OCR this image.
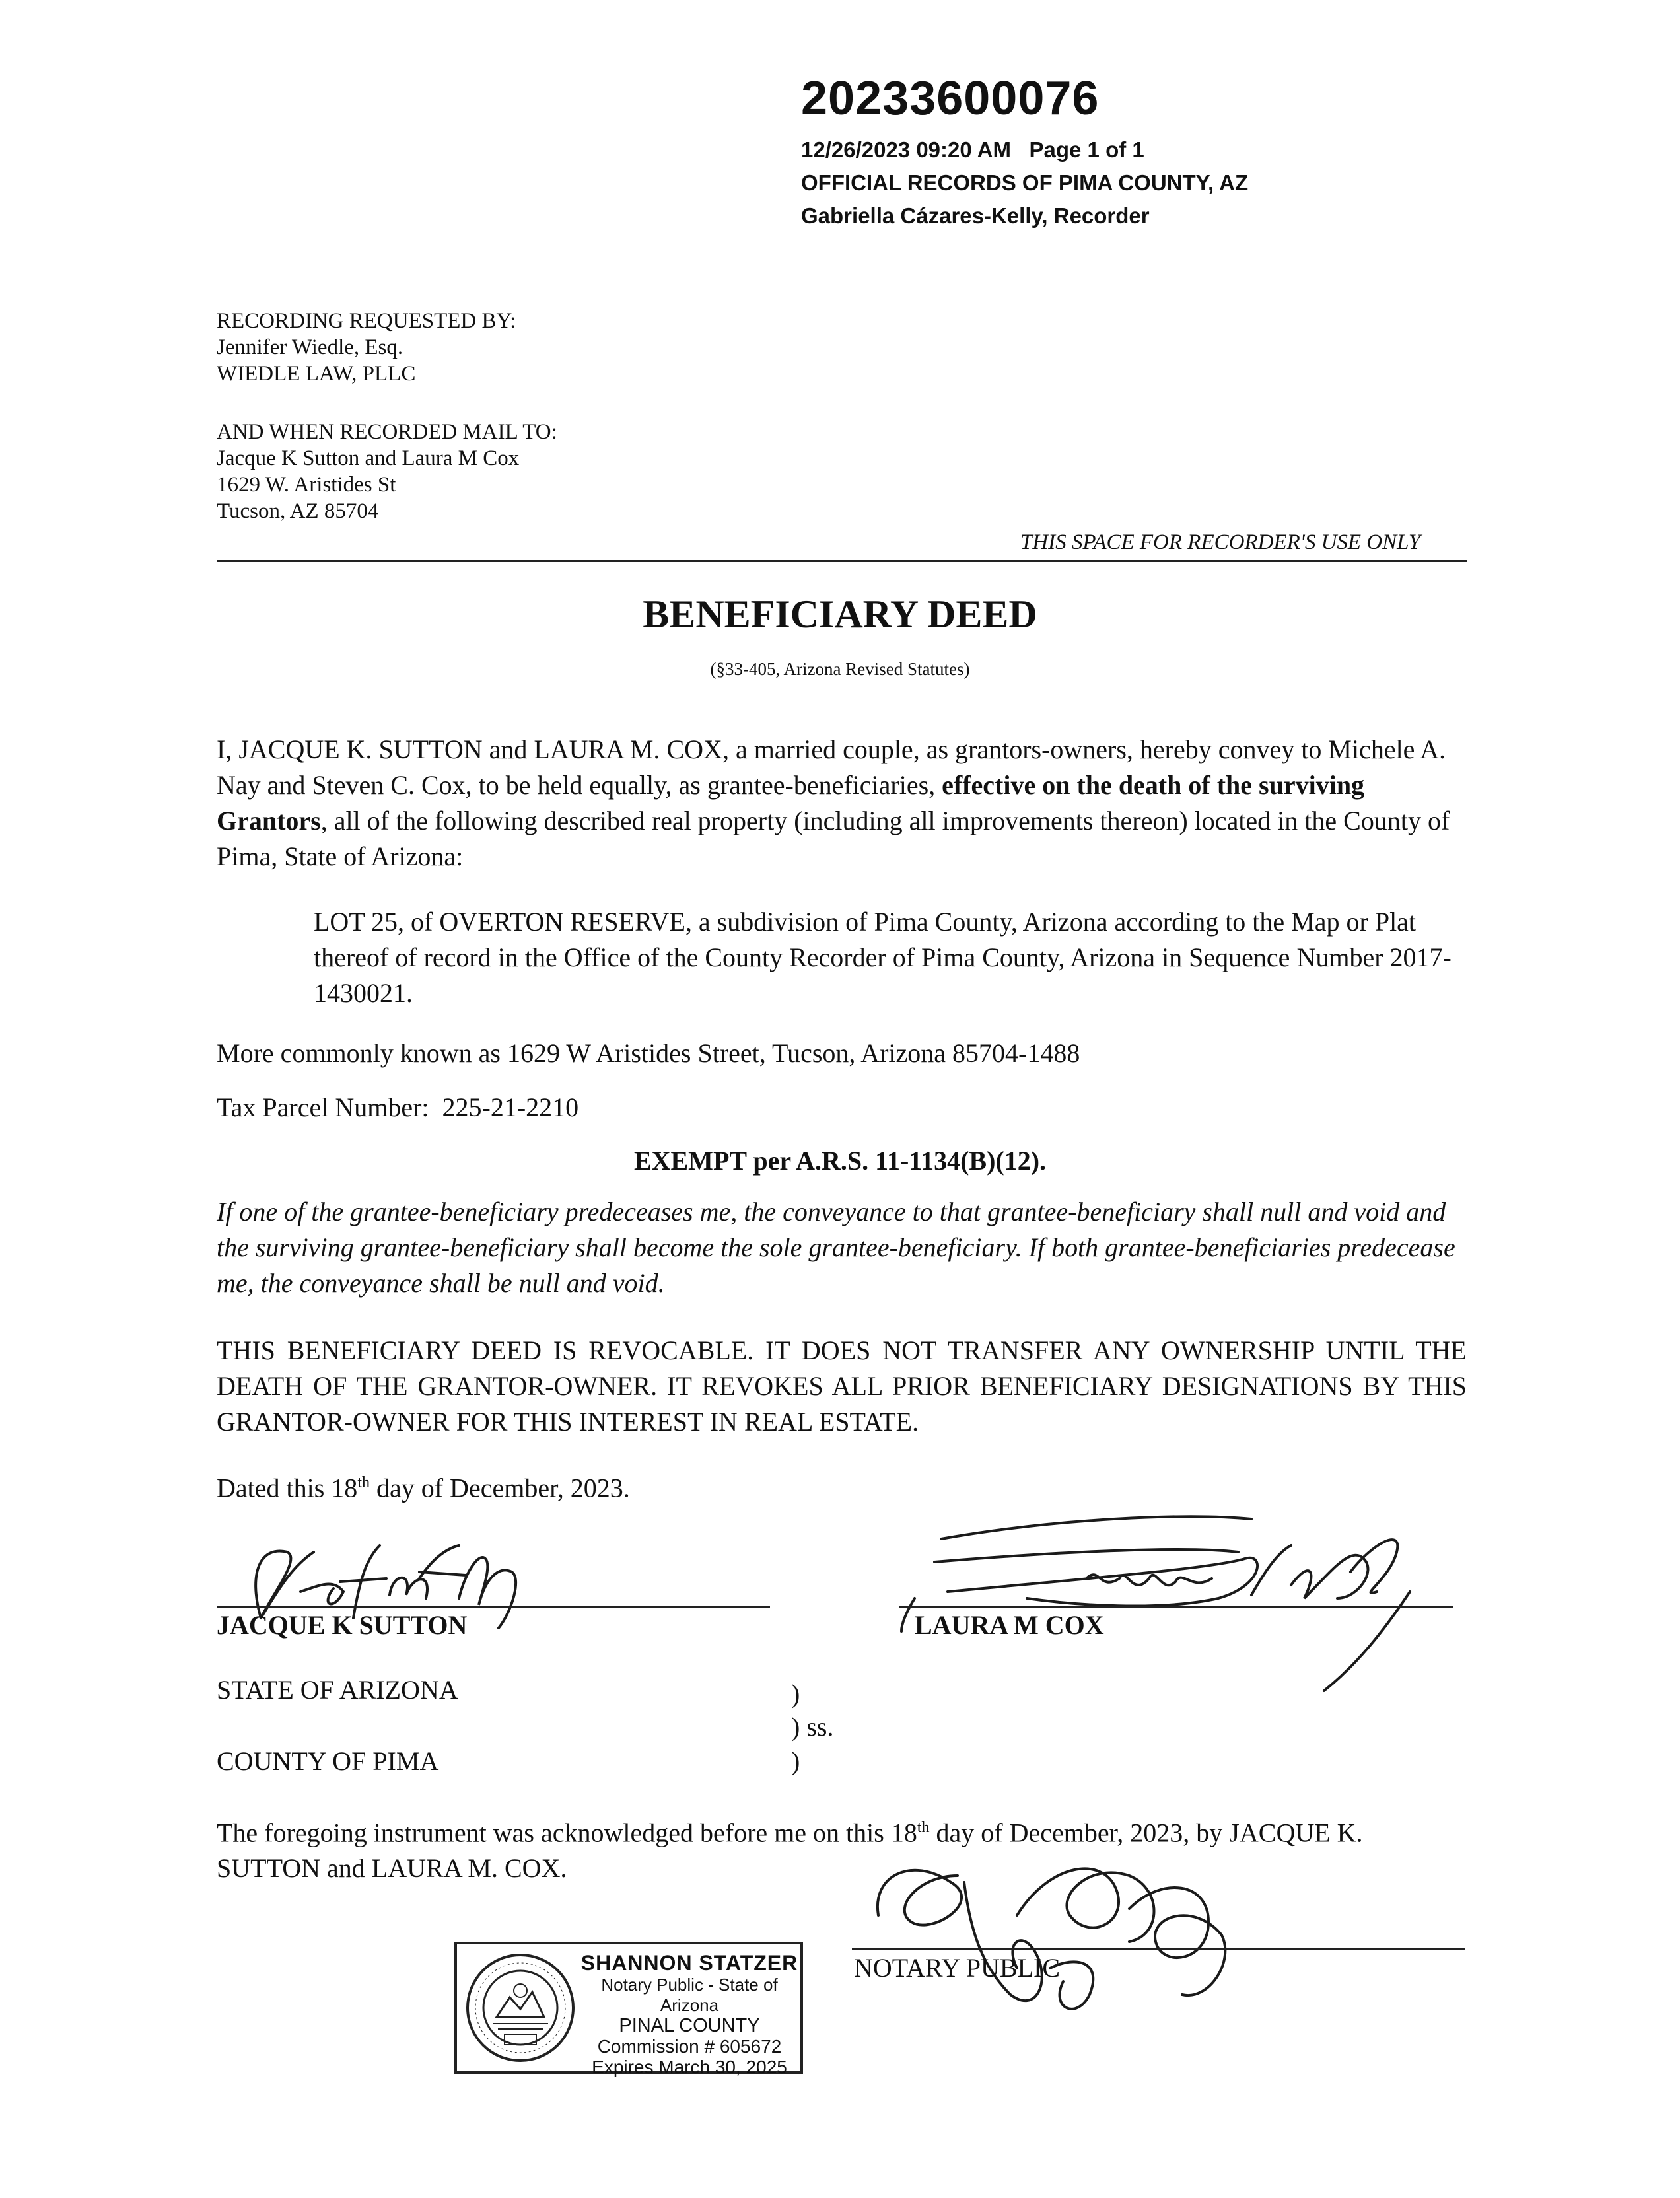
20233600076
12/26/2023 09:20 AM   Page 1 of 1
OFFICIAL RECORDS OF PIMA COUNTY, AZ
Gabriella Cázares-Kelly, Recorder
RECORDING REQUESTED BY:
Jennifer Wiedle, Esq.
WIEDLE LAW, PLLC
AND WHEN RECORDED MAIL TO:
Jacque K Sutton and Laura M Cox
1629 W. Aristides St
Tucson, AZ 85704
THIS SPACE FOR RECORDER'S USE ONLY
BENEFICIARY DEED
(§33-405, Arizona Revised Statutes)
I, JACQUE K. SUTTON and LAURA M. COX, a married couple, as grantors-owners, hereby convey to Michele A. Nay and Steven C. Cox, to be held equally, as grantee-beneficiaries, effective on the death of the surviving Grantors, all of the following described real property (including all improvements thereon) located in the County of Pima, State of Arizona:
LOT 25, of OVERTON RESERVE, a subdivision of Pima County, Arizona according to the Map or Plat thereof of record in the Office of the County Recorder of Pima County, Arizona in Sequence Number 2017-1430021.
More commonly known as 1629 W Aristides Street, Tucson, Arizona 85704-1488
Tax Parcel Number:  225-21-2210
EXEMPT per A.R.S. 11-1134(B)(12).
If one of the grantee-beneficiary predeceases me, the conveyance to that grantee-beneficiary shall null and void and the surviving grantee-beneficiary shall become the sole grantee-beneficiary. If both grantee-beneficiaries predecease me, the conveyance shall be null and void.
THIS BENEFICIARY DEED IS REVOCABLE. IT DOES NOT TRANSFER ANY OWNERSHIP UNTIL THE DEATH OF THE GRANTOR-OWNER. IT REVOKES ALL PRIOR BENEFICIARY DESIGNATIONS BY THIS GRANTOR-OWNER FOR THIS INTEREST IN REAL ESTATE.
Dated this 18th day of December, 2023.
JACQUE K SUTTON	LAURA M COX
STATE OF ARIZONA
COUNTY OF PIMA
)
) ss.
)
The foregoing instrument was acknowledged before me on this 18th day of December, 2023, by JACQUE K. SUTTON and LAURA M. COX.
SHANNON STATZER
Notary Public - State of Arizona
PINAL COUNTY
Commission # 605672
Expires March 30, 2025
NOTARY PUBLIC
